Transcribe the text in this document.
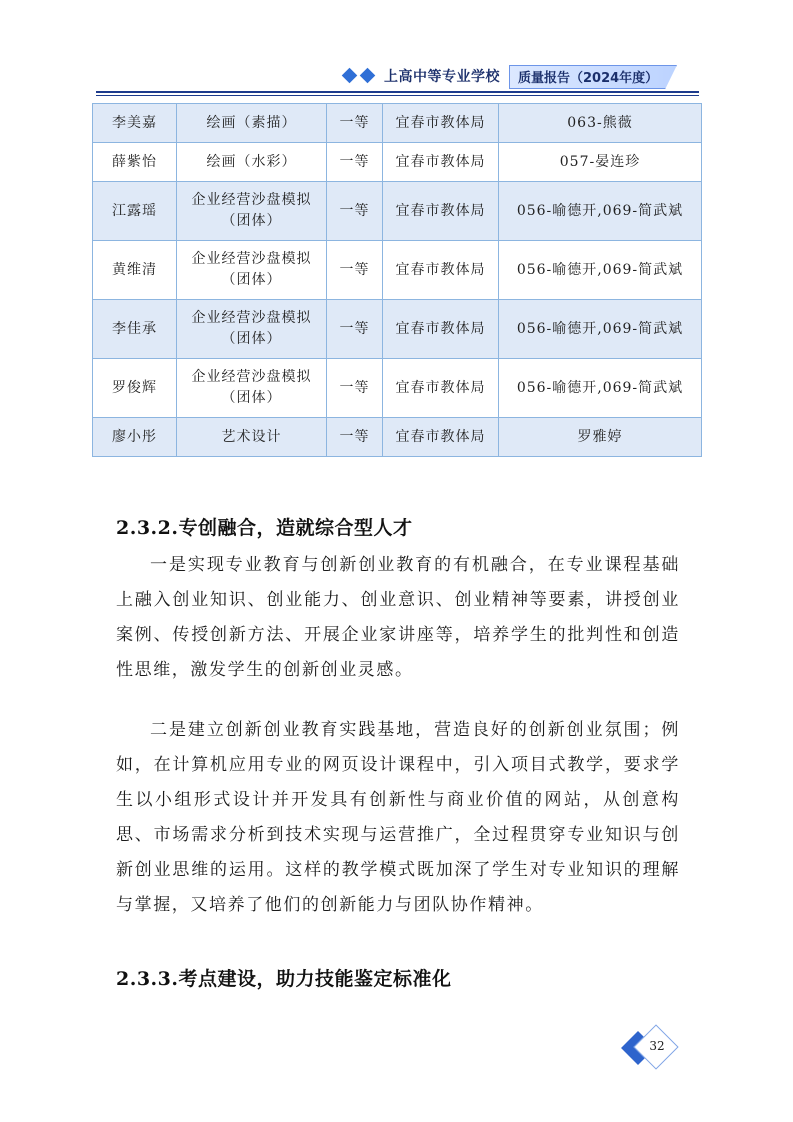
上高中等专业学校 质量报告（2024年度）
李美嘉	绘画（素描）	一等	宜春市教体局	063-熊薇
薛紫怡	绘画（水彩）	一等	宜春市教体局	057-晏连珍
江露瑶	企业经营沙盘模拟（团体）	一等	宜春市教体局	056-喻德开,069-简武斌
黄维清	企业经营沙盘模拟（团体）	一等	宜春市教体局	056-喻德开,069-简武斌
李佳承	企业经营沙盘模拟（团体）	一等	宜春市教体局	056-喻德开,069-简武斌
罗俊辉	企业经营沙盘模拟（团体）	一等	宜春市教体局	056-喻德开,069-简武斌
廖小彤	艺术设计	一等	宜春市教体局	罗雅婷
2.3.2.专创融合，造就综合型人才

一是实现专业教育与创新创业教育的有机融合，在专业课程基础上融入创业知识、创业能力、创业意识、创业精神等要素，讲授创业案例、传授创新方法、开展企业家讲座等，培养学生的批判性和创造性思维，激发学生的创新创业灵感。

二是建立创新创业教育实践基地，营造良好的创新创业氛围；例如，在计算机应用专业的网页设计课程中，引入项目式教学，要求学生以小组形式设计并开发具有创新性与商业价值的网站，从创意构思、市场需求分析到技术实现与运营推广，全过程贯穿专业知识与创新创业思维的运用。这样的教学模式既加深了学生对专业知识的理解与掌握，又培养了他们的创新能力与团队协作精神。

2.3.3.考点建设，助力技能鉴定标准化
32
